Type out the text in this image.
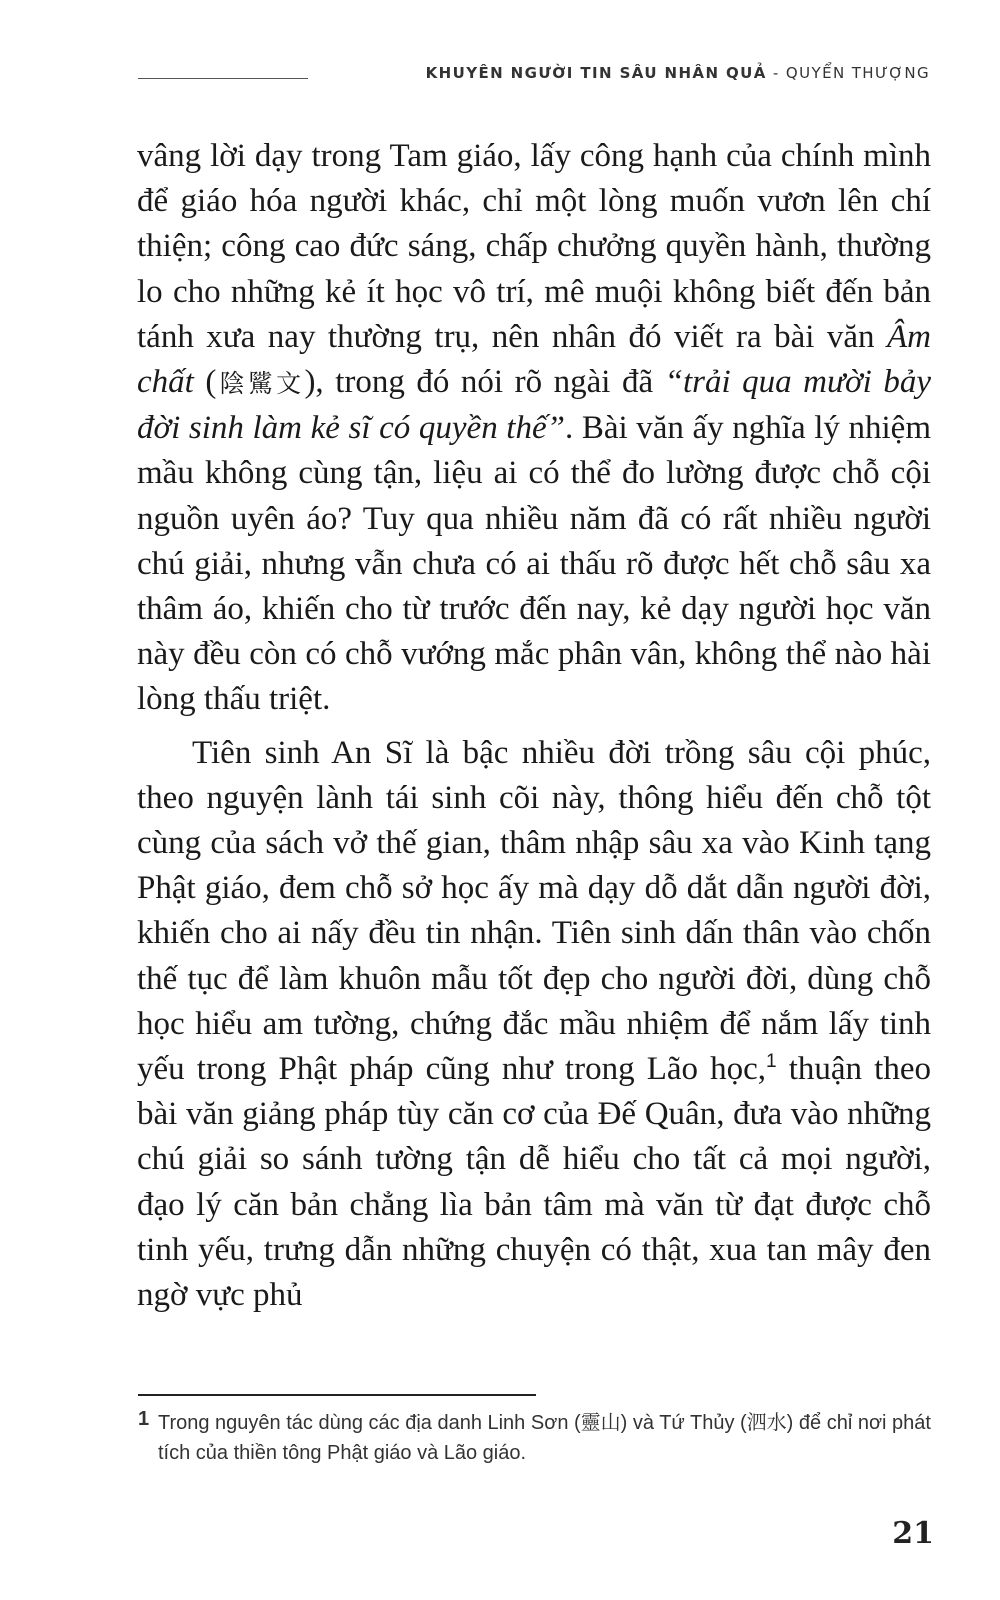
KHUYÊN NGƯỜI TIN SÂU NHÂN QUẢ - QUYỂN THƯỢNG

vâng lời dạy trong Tam giáo, lấy công hạnh của chính mình để giáo hóa người khác, chỉ một lòng muốn vươn lên chí thiện; công cao đức sáng, chấp chưởng quyền hành, thường lo cho những kẻ ít học vô trí, mê muội không biết đến bản tánh xưa nay thường trụ, nên nhân đó viết ra bài văn Âm chất (陰騭文), trong đó nói rõ ngài đã “trải qua mười bảy đời sinh làm kẻ sĩ có quyền thế”. Bài văn ấy nghĩa lý nhiệm mầu không cùng tận, liệu ai có thể đo lường được chỗ cội nguồn uyên áo? Tuy qua nhiều năm đã có rất nhiều người chú giải, nhưng vẫn chưa có ai thấu rõ được hết chỗ sâu xa thâm áo, khiến cho từ trước đến nay, kẻ dạy người học văn này đều còn có chỗ vướng mắc phân vân, không thể nào hài lòng thấu triệt.

Tiên sinh An Sĩ là bậc nhiều đời trồng sâu cội phúc, theo nguyện lành tái sinh cõi này, thông hiểu đến chỗ tột cùng của sách vở thế gian, thâm nhập sâu xa vào Kinh tạng Phật giáo, đem chỗ sở học ấy mà dạy dỗ dắt dẫn người đời, khiến cho ai nấy đều tin nhận. Tiên sinh dấn thân vào chốn thế tục để làm khuôn mẫu tốt đẹp cho người đời, dùng chỗ học hiểu am tường, chứng đắc mầu nhiệm để nắm lấy tinh yếu trong Phật pháp cũng như trong Lão học,$^1$ thuận theo bài văn giảng pháp tùy căn cơ của Đế Quân, đưa vào những chú giải so sánh tường tận dễ hiểu cho tất cả mọi người, đạo lý căn bản chẳng lìa bản tâm mà văn từ đạt được chỗ tinh yếu, trưng dẫn những chuyện có thật, xua tan mây đen ngờ vực phủ

1 Trong nguyên tác dùng các địa danh Linh Sơn (靈山) và Tứ Thủy (泗水) để chỉ nơi phát tích của thiền tông Phật giáo và Lão giáo.
21
